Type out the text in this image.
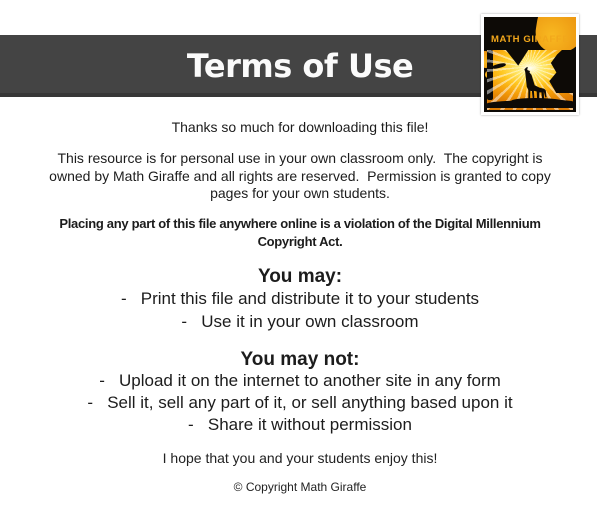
Terms of Use
MATH GIRAFFE
Thanks so much for downloading this file!
This resource is for personal use in your own classroom only.  The copyright is
owned by Math Giraffe and all rights are reserved.  Permission is granted to copy
pages for your own students.
Placing any part of this file anywhere online is a violation of the Digital Millennium
Copyright Act.
You may:
-   Print this file and distribute it to your students
-   Use it in your own classroom
You may not:
-   Upload it on the internet to another site in any form
-   Sell it, sell any part of it, or sell anything based upon it
-   Share it without permission
I hope that you and your students enjoy this!
© Copyright Math Giraffe
